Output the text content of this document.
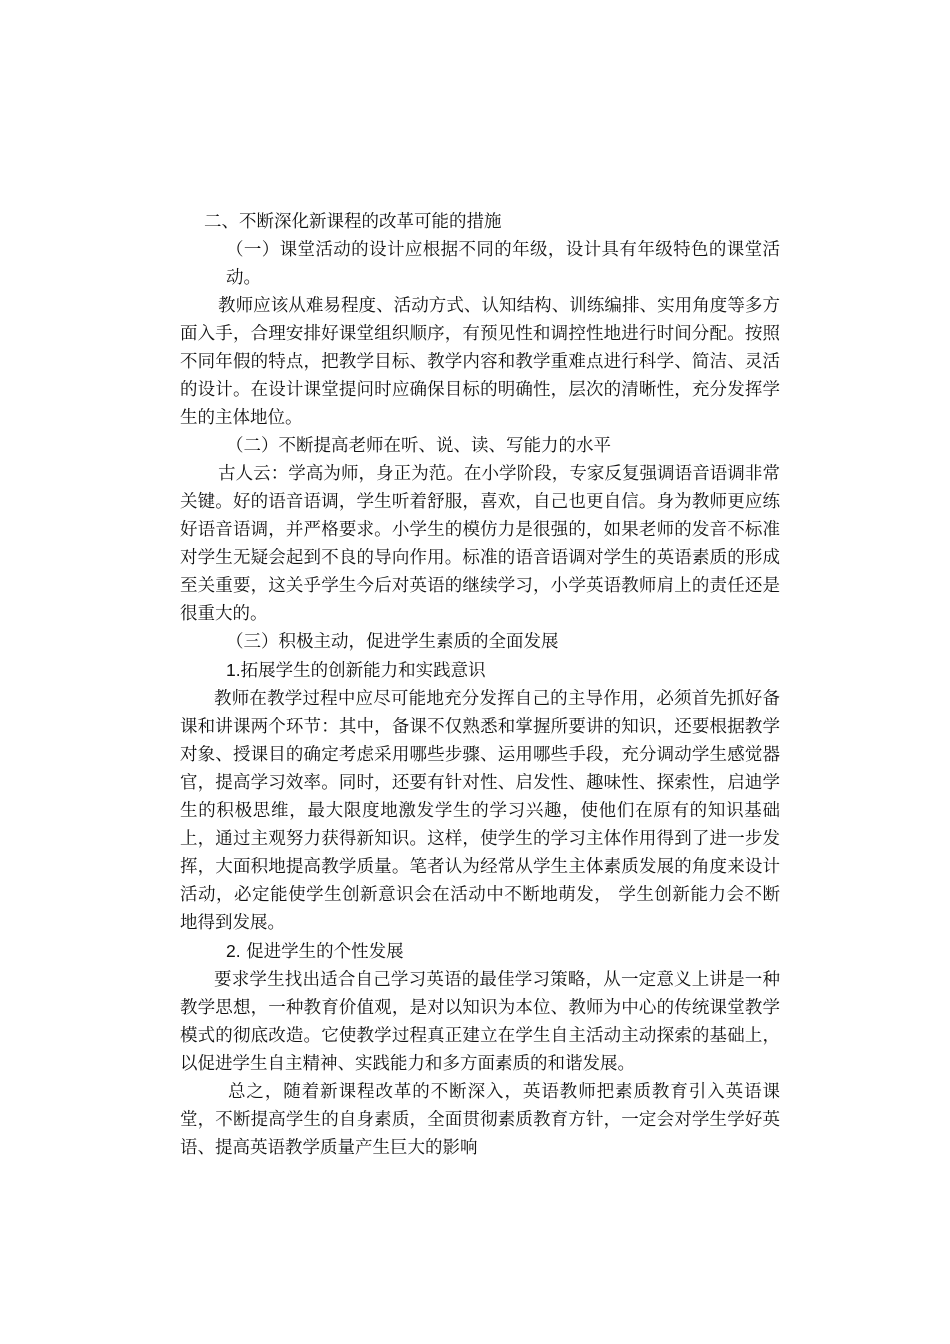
二、不断深化新课程的改革可能的措施

（一）课堂活动的设计应根据不同的年级，设计具有年级特色的课堂活动。

教师应该从难易程度、活动方式、认知结构、训练编排、实用角度等多方面入手，合理安排好课堂组织顺序，有预见性和调控性地进行时间分配。按照不同年假的特点，把教学目标、教学内容和教学重难点进行科学、简洁、灵活的设计。在设计课堂提问时应确保目标的明确性，层次的清晰性，充分发挥学生的主体地位。

（二）不断提高老师在听、说、读、写能力的水平

古人云：学高为师，身正为范。在小学阶段，专家反复强调语音语调非常关键。好的语音语调，学生听着舒服，喜欢，自己也更自信。身为教师更应练好语音语调，并严格要求。小学生的模仿力是很强的，如果老师的发音不标准对学生无疑会起到不良的导向作用。标准的语音语调对学生的英语素质的形成至关重要，这关乎学生今后对英语的继续学习，小学英语教师肩上的责任还是很重大的。

（三）积极主动，促进学生素质的全面发展

1.拓展学生的创新能力和实践意识

教师在教学过程中应尽可能地充分发挥自己的主导作用，必须首先抓好备课和讲课两个环节：其中，备课不仅熟悉和掌握所要讲的知识，还要根据教学对象、授课目的确定考虑采用哪些步骤、运用哪些手段，充分调动学生感觉器官，提高学习效率。同时，还要有针对性、启发性、趣味性、探索性，启迪学生的积极思维，最大限度地激发学生的学习兴趣，使他们在原有的知识基础上，通过主观努力获得新知识。这样，使学生的学习主体作用得到了进一步发挥，大面积地提高教学质量。笔者认为经常从学生主体素质发展的角度来设计活动，必定能使学生创新意识会在活动中不断地萌发， 学生创新能力会不断地得到发展。

2. 促进学生的个性发展

要求学生找出适合自己学习英语的最佳学习策略，从一定意义上讲是一种教学思想，一种教育价值观，是对以知识为本位、教师为中心的传统课堂教学模式的彻底改造。它使教学过程真正建立在学生自主活动主动探索的基础上，以促进学生自主精神、实践能力和多方面素质的和谐发展。

总之，随着新课程改革的不断深入，英语教师把素质教育引入英语课堂，不断提高学生的自身素质，全面贯彻素质教育方针，一定会对学生学好英语、提高英语教学质量产生巨大的影响
